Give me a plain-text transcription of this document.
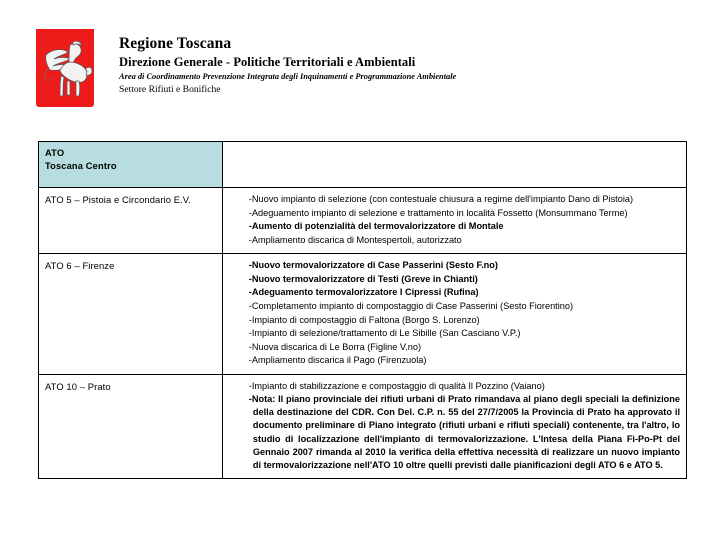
Regione Toscana
Direzione Generale - Politiche Territoriali e Ambientali
Area di Coordinamento Prevenzione Integrata degli Inquinamenti e Programmazione Ambientale
Settore Rifiuti e Bonifiche
ATO
Toscana Centro	

ATO 5 – Pistoia e Circondario E.V.	-Nuovo impianto di selezione (con contestuale chiusura a regime dell'impianto Dano di Pistoia)
-Adeguamento impianto di selezione e trattamento in località Fossetto (Monsummano Terme)
-Aumento di potenzialità del termovalorizzatore di Montale
-Ampliamento discarica di Montespertoli, autorizzato

ATO 6 – Firenze	-Nuovo termovalorizzatore di Case Passerini (Sesto F.no)
-Nuovo termovalorizzatore di Testi (Greve in Chianti)
-Adeguamento termovalorizzatore I Cipressi (Rufina)
-Completamento impianto di compostaggio di Case Passerini (Sesto Fiorentino)
-Impianto di compostaggio di Faltona (Borgo S. Lorenzo)
-Impianto di selezione/trattamento di Le Sibille (San Casciano V.P.)
-Nuova discarica di Le Borra (Figline V.no)
-Ampliamento discarica il Pago (Firenzuola)

ATO 10 – Prato	-Impianto di stabilizzazione e compostaggio di qualità Il Pozzino (Vaiano)
-Nota: Il piano provinciale dei rifiuti urbani di Prato rimandava al piano degli speciali la definizione della destinazione del CDR. Con Del. C.P. n. 55 del 27/7/2005 la Provincia di Prato ha approvato il documento preliminare di Piano integrato (rifiuti urbani e rifiuti speciali) contenente, tra l'altro, lo studio di localizzazione dell'impianto di termovalorizzazione. L'Intesa della Piana Fi-Po-Pt del Gennaio 2007 rimanda al 2010 la verifica della effettiva necessità di realizzare un nuovo impianto di termovalorizzazione nell'ATO 10 oltre quelli previsti dalle pianificazioni degli ATO 6 e ATO 5.
